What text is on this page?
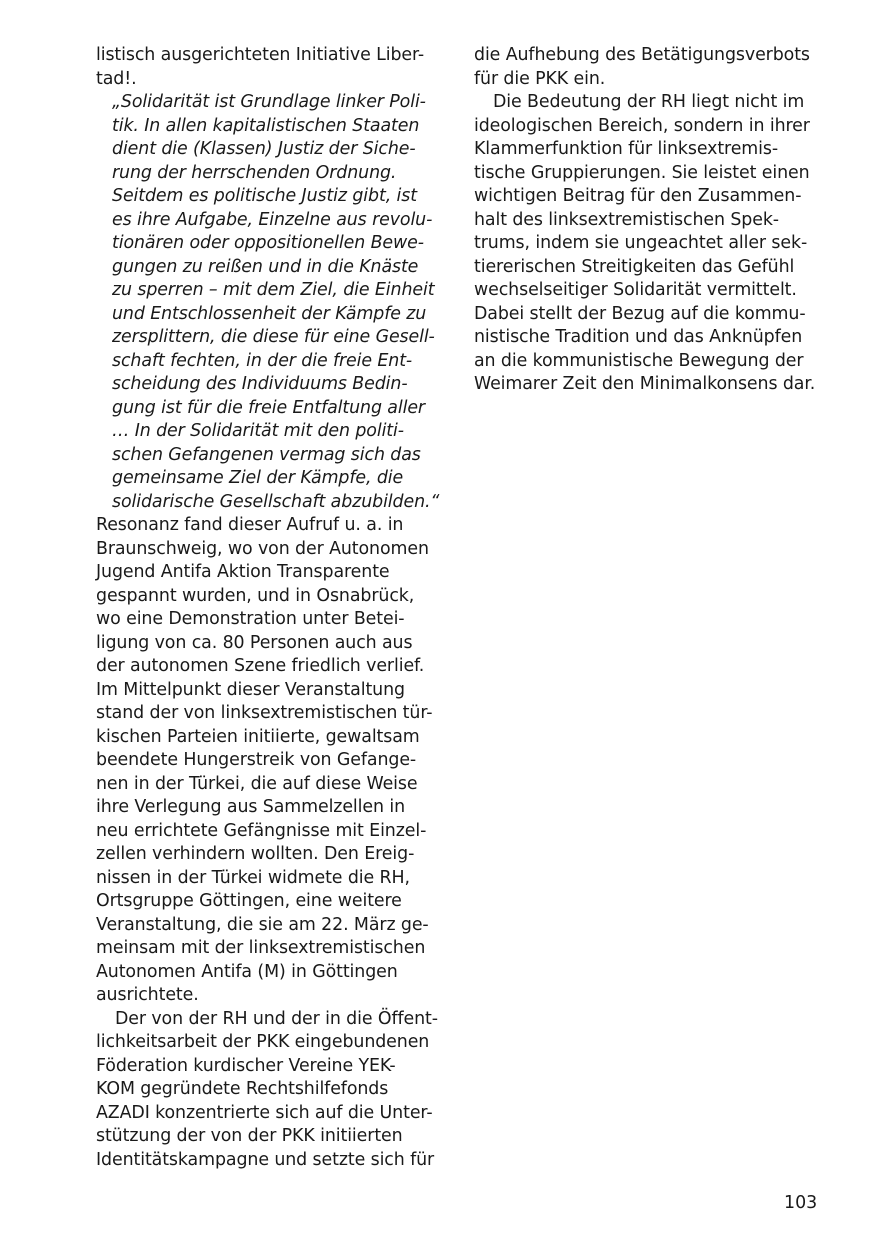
listisch ausgerichteten Initiative Liber-
tad!.
„Solidarität ist Grundlage linker Poli-
tik. In allen kapitalistischen Staaten
dient die (Klassen) Justiz der Siche-
rung der herrschenden Ordnung.
Seitdem es politische Justiz gibt, ist
es ihre Aufgabe, Einzelne aus revolu-
tionären oder oppositionellen Bewe-
gungen zu reißen und in die Knäste
zu sperren – mit dem Ziel, die Einheit
und Entschlossenheit der Kämpfe zu
zersplittern, die diese für eine Gesell-
schaft fechten, in der die freie Ent-
scheidung des Individuums Bedin-
gung ist für die freie Entfaltung aller
… In der Solidarität mit den politi-
schen Gefangenen vermag sich das
gemeinsame Ziel der Kämpfe, die
solidarische Gesellschaft abzubilden.“
Resonanz fand dieser Aufruf u. a. in
Braunschweig, wo von der Autonomen
Jugend Antifa Aktion Transparente
gespannt wurden, und in Osnabrück,
wo eine Demonstration unter Betei-
ligung von ca. 80 Personen auch aus
der autonomen Szene friedlich verlief.
Im Mittelpunkt dieser Veranstaltung
stand der von linksextremistischen tür-
kischen Parteien initiierte, gewaltsam
beendete Hungerstreik von Gefange-
nen in der Türkei, die auf diese Weise
ihre Verlegung aus Sammelzellen in
neu errichtete Gefängnisse mit Einzel-
zellen verhindern wollten. Den Ereig-
nissen in der Türkei widmete die RH,
Ortsgruppe Göttingen, eine weitere
Veranstaltung, die sie am 22. März ge-
meinsam mit der linksextremistischen
Autonomen Antifa (M) in Göttingen
ausrichtete.
Der von der RH und der in die Öffent-
lichkeitsarbeit der PKK eingebundenen
Föderation kurdischer Vereine YEK-
KOM gegründete Rechtshilfefonds
AZADI konzentrierte sich auf die Unter-
stützung der von der PKK initiierten
Identitätskampagne und setzte sich für
die Aufhebung des Betätigungsverbots
für die PKK ein.
Die Bedeutung der RH liegt nicht im
ideologischen Bereich, sondern in ihrer
Klammerfunktion für linksextremis-
tische Gruppierungen. Sie leistet einen
wichtigen Beitrag für den Zusammen-
halt des linksextremistischen Spek-
trums, indem sie ungeachtet aller sek-
tiererischen Streitigkeiten das Gefühl
wechselseitiger Solidarität vermittelt.
Dabei stellt der Bezug auf die kommu-
nistische Tradition und das Anknüpfen
an die kommunistische Bewegung der
Weimarer Zeit den Minimalkonsens dar.
103
